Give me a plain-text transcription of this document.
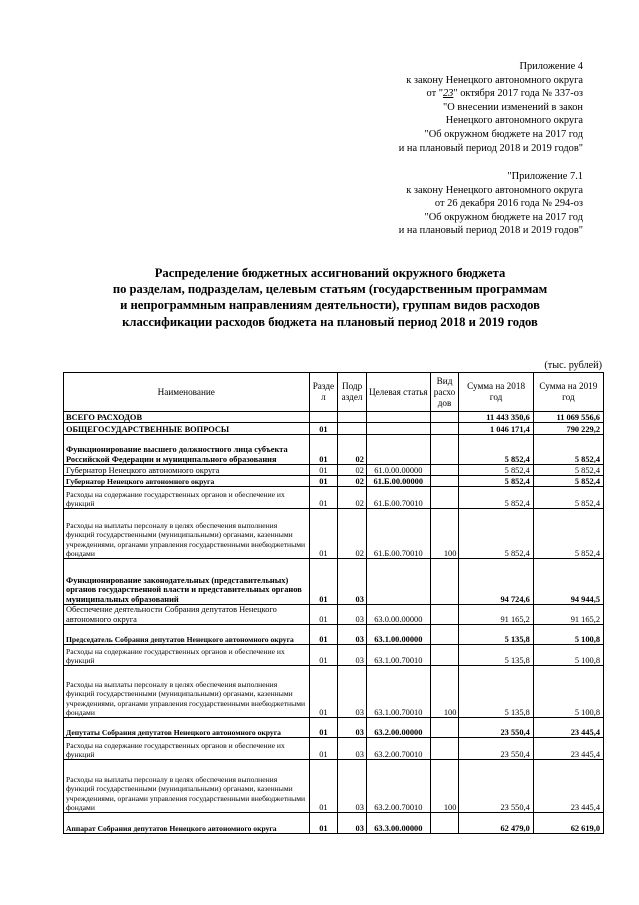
Приложение 4
к закону Ненецкого автономного округа
от "23" октября 2017 года № 337-оз
"О внесении изменений в закон
Ненецкого автономного округа
"Об окружном бюджете на 2017 год
и на плановый период 2018 и 2019 годов"
"Приложение 7.1
к закону Ненецкого автономного округа
от 26 декабря 2016 года № 294-оз
"Об окружном бюджете на 2017 год
и на плановый период 2018 и 2019 годов"
Распределение бюджетных ассигнований окружного бюджета
по разделам, подразделам, целевым статьям (государственным программам
и непрограммным направлениям деятельности), группам видов расходов
классификации расходов бюджета на плановый период 2018 и 2019 годов
(тыс. рублей)
Наименование	Разде л	Подр аздел	Целевая статья	Вид расхо дов	Сумма на 2018 год	Сумма на 2019 год
ВСЕГО РАСХОДОВ					11 443 350,6	11 069 556,6
ОБЩЕГОСУДАРСТВЕННЫЕ ВОПРОСЫ	01				1 046 171,4	790 229,2
Функционирование высшего должностного лица субъекта Российской Федерации и муниципального образования	01	02			5 852,4	5 852,4
Губернатор Ненецкого автономного округа	01	02	61.0.00.00000		5 852,4	5 852,4
Губернатор Ненецкого автономного округа	01	02	61.Б.00.00000		5 852,4	5 852,4
Расходы на содержание государственных органов и обеспечение их функций	01	02	61.Б.00.70010		5 852,4	5 852,4
Расходы на выплаты персоналу в целях обеспечения выполнения функций государственными (муниципальными) органами, казенными учреждениями, органами управления государственными внебюджетными фондами	01	02	61.Б.00.70010	100	5 852,4	5 852,4
Функционирование законодательных (представительных) органов государственной власти и представительных органов муниципальных образований	01	03			94 724,6	94 944,5
Обеспечение деятельности Собрания депутатов Ненецкого автономного округа	01	03	63.0.00.00000		91 165,2	91 165,2
Председатель Собрания депутатов Ненецкого автономного округа	01	03	63.1.00.00000		5 135,8	5 100,8
Расходы на содержание государственных органов и обеспечение их функций	01	03	63.1.00.70010		5 135,8	5 100,8
Расходы на выплаты персоналу в целях обеспечения выполнения функций государственными (муниципальными) органами, казенными учреждениями, органами управления государственными внебюджетными фондами	01	03	63.1.00.70010	100	5 135,8	5 100,8
Депутаты Собрания депутатов Ненецкого автономного округа	01	03	63.2.00.00000		23 550,4	23 445,4
Расходы на содержание государственных органов и обеспечение их функций	01	03	63.2.00.70010		23 550,4	23 445,4
Расходы на выплаты персоналу в целях обеспечения выполнения функций государственными (муниципальными) органами, казенными учреждениями, органами управления государственными внебюджетными фондами	01	03	63.2.00.70010	100	23 550,4	23 445,4
Аппарат Собрания депутатов Ненецкого автономного округа	01	03	63.3.00.00000		62 479,0	62 619,0
